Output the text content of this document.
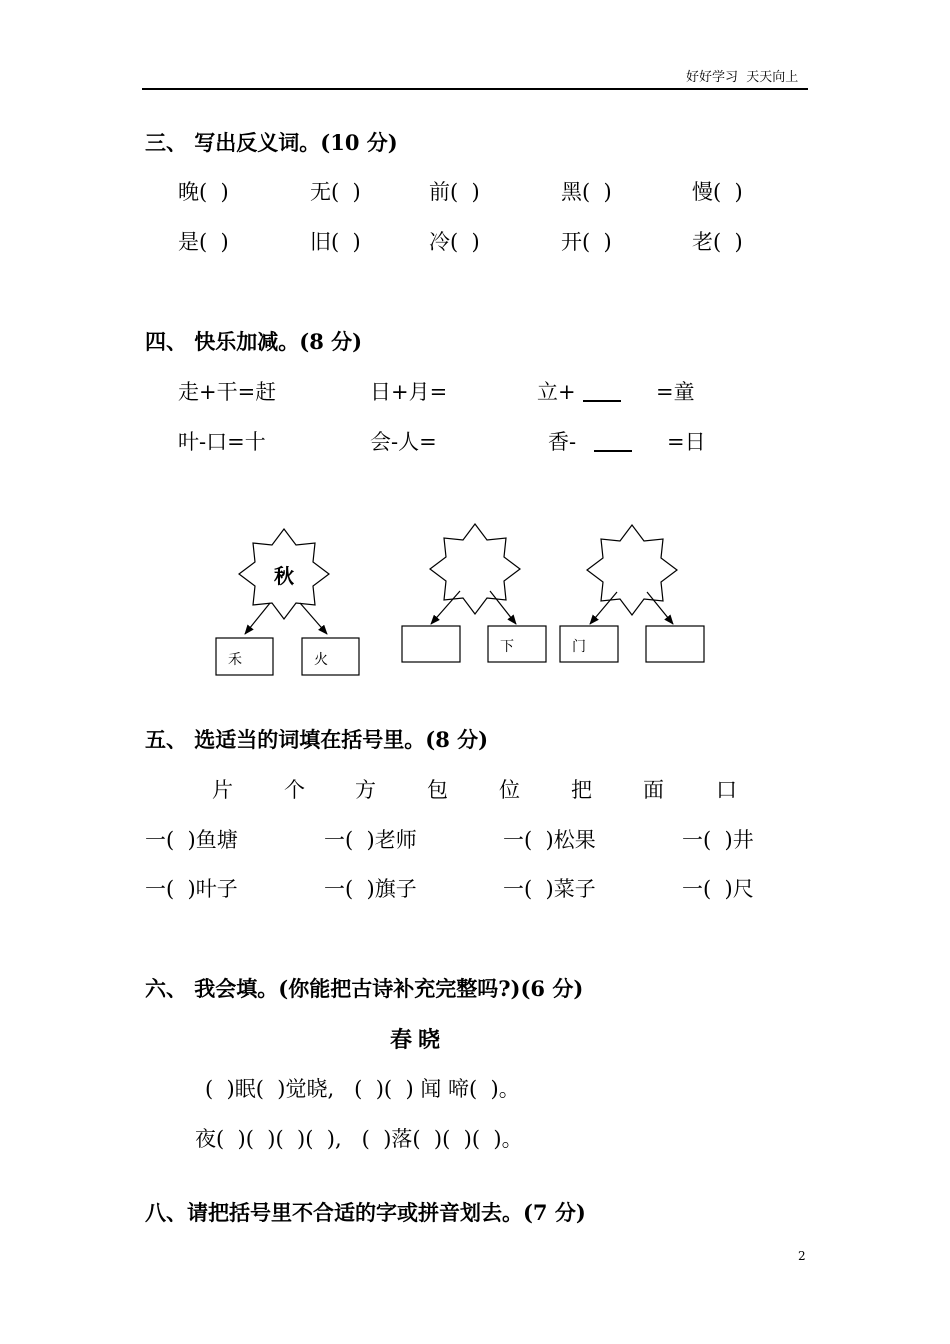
好好学习  天天向上
三、 写出反义词。(10 分)
晚(  )	无(  )	前(  )	黑(  )	慢(  )
是(  )	旧(  )	冷(  )	开(  )	老(  )
四、 快乐加减。(8 分)
走+干=赶	日+月=	立+	=童
叶-口=十	会-人=	香-	=日
秋
禾	火
下	门
五、 选适当的词填在括号里。(8 分)
片 个 方 包 位 把 面 口
一(  )鱼塘	一(  )老师	一(  )松果	一(  )井
一(  )叶子	一(  )旗子	一(  )菜子	一(  )尺
六、 我会填。(你能把古诗补充完整吗?)(6 分)
春晓
(  )眠(  )觉晓,   (  )(  ) 闻 啼(  )。
夜(  )(  )(  )(  ),   (  )落(  )(  )(  )。
八、请把括号里不合适的字或拼音划去。(7 分)
2
